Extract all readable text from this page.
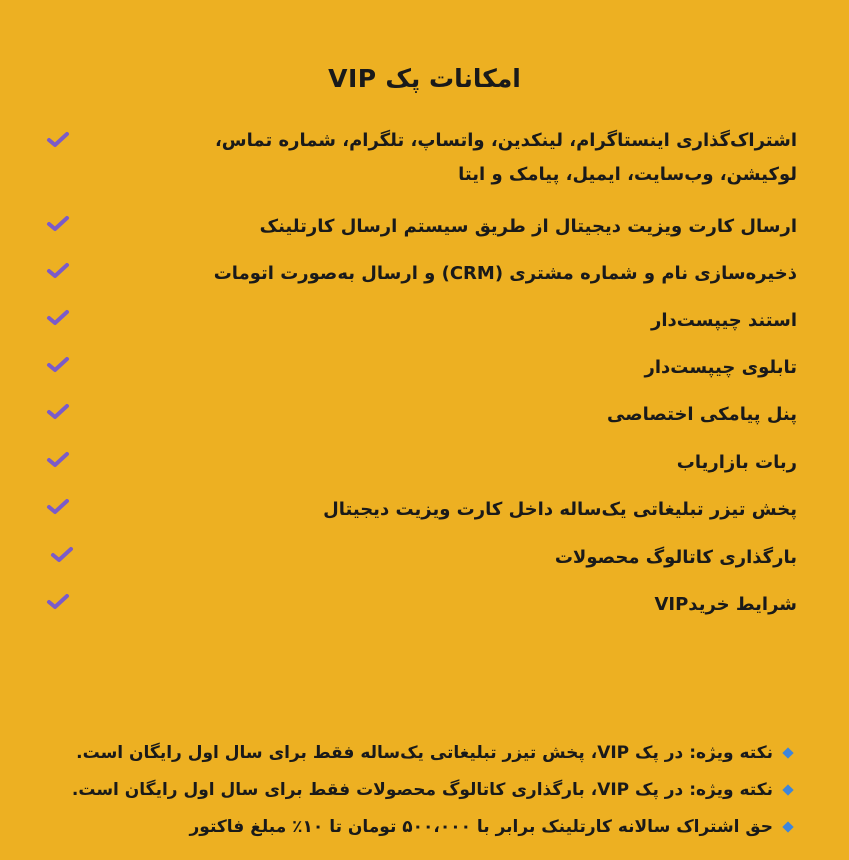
امکانات پک VIP
اشتراک‌گذاری اینستاگرام، لینکدین، واتساپ، تلگرام، شماره تماس، لوکیشن، وب‌سایت، ایمیل، پیامک و ایتا
ارسال کارت ویزیت دیجیتال از طریق سیستم ارسال کارتلینک
ذخیره‌سازی نام و شماره مشتری (CRM) و ارسال به‌صورت اتومات
استند چیپست‌دار
تابلوی چیپست‌دار
پنل پیامکی اختصاصی
ربات بازاریاب
پخش تیزر تبلیغاتی یک‌ساله داخل کارت ویزیت دیجیتال
بارگذاری کاتالوگ محصولات
شرایط خریدVIP
نکته ویژه: در پک VIP، پخش تیزر تبلیغاتی یک‌ساله فقط برای سال اول رایگان است.
نکته ویژه: در پک VIP، بارگذاری کاتالوگ محصولات فقط برای سال اول رایگان است.
حق اشتراک سالانه کارتلینک برابر با ۵۰۰،۰۰۰ تومان تا ۱۰٪ مبلغ فاکتور
